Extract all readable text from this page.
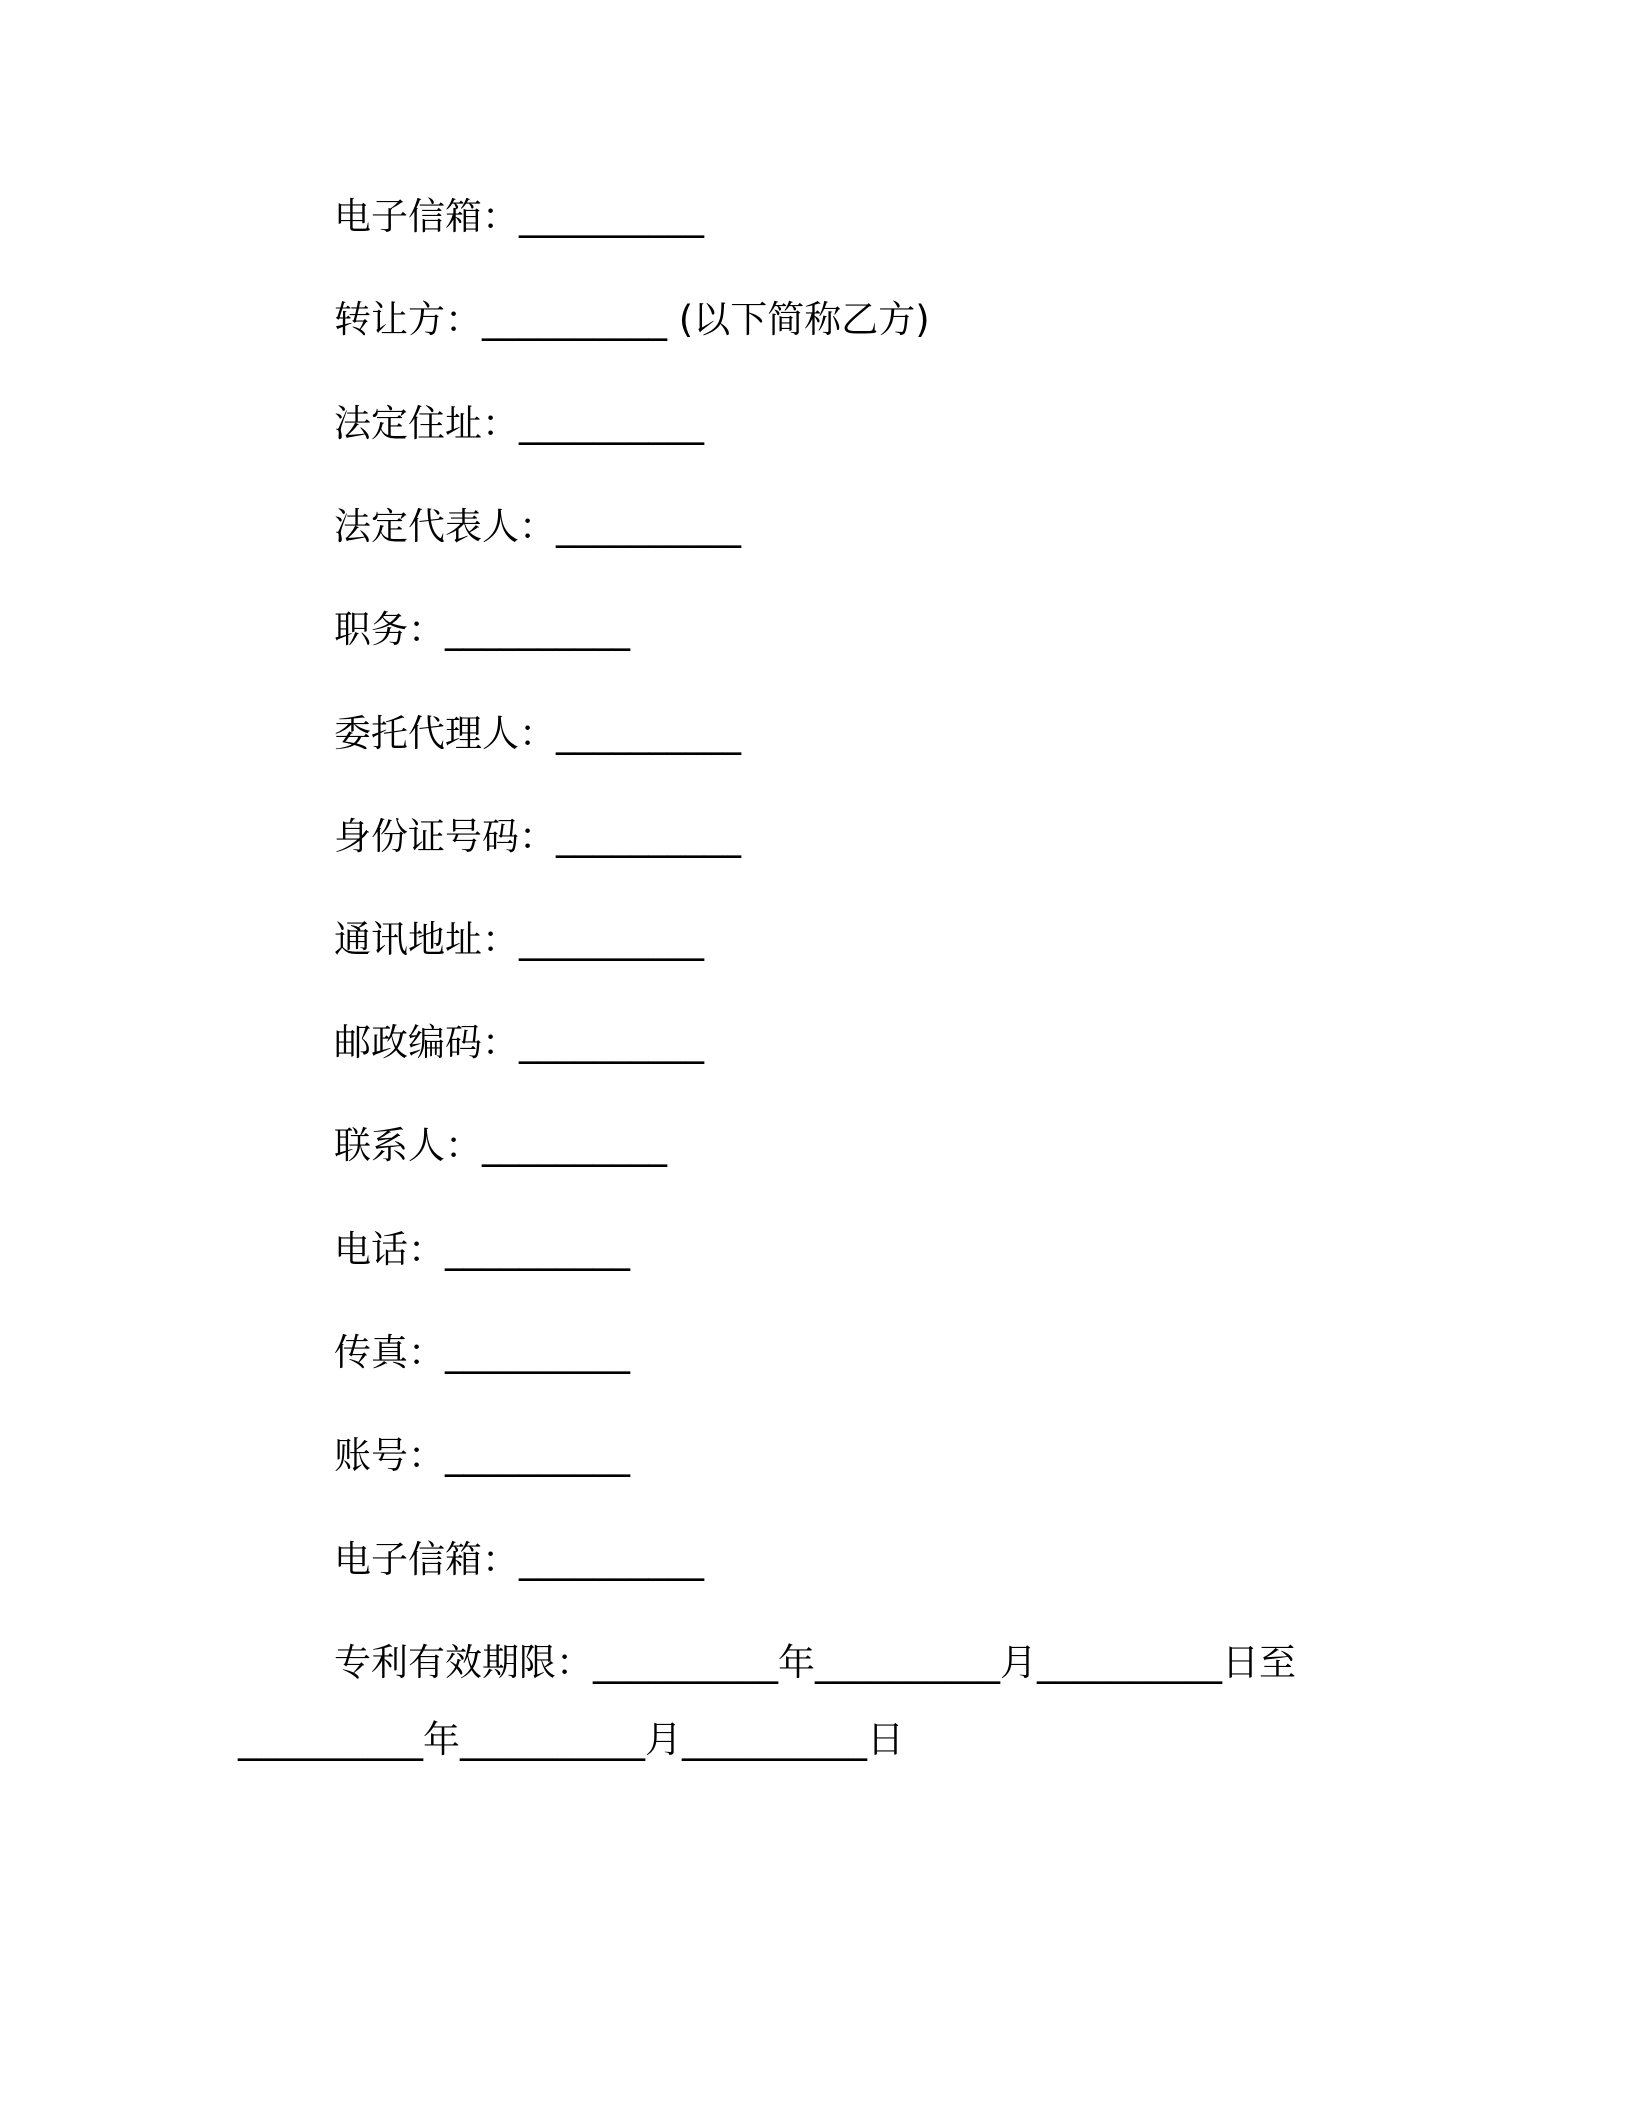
电子信箱：__________
转让方：__________ (以下简称乙方)
法定住址：__________
法定代表人：__________
职务：__________
委托代理人：__________
身份证号码：__________
通讯地址：__________
邮政编码：__________
联系人：__________
电话：__________
传真：__________
账号：__________
电子信箱：__________
专利有效期限：__________年__________月__________日至
__________年__________月__________日
